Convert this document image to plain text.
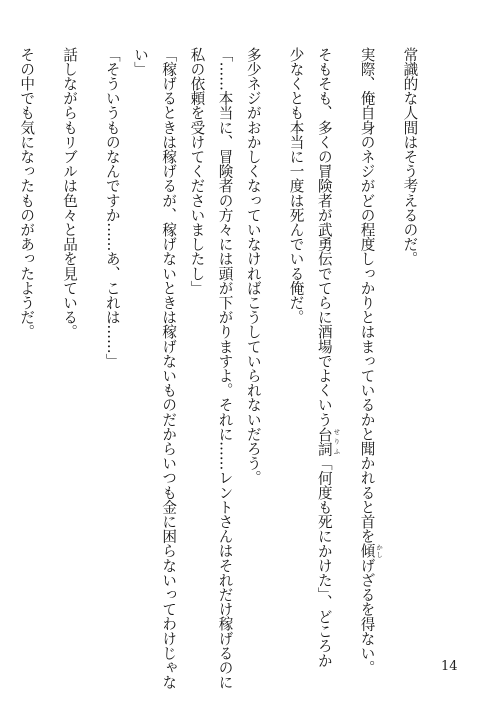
常識的な人間はそう考えるのだ。
実際、俺自身のネジがどの程度しっかりとはまっているかと聞かれると首を傾 かしげざるを得ない。
そもそも、多くの冒険者が武勇伝でてらに酒場でよくいう台詞 せりふ「何度も死にかけた」、どころか
少なくとも本当に一度は死んでいる俺だ。
多少ネジがおかしくなっていなければこうしていられないだろう。
「……本当に、冒険者の方々には頭が下がりますよ。それに……レントさんはそれだけ稼げるのに
私の依頼を受けてくださいましたし」
「稼げるときは稼げるが、稼げないときは稼げないものだからいつも金に困らないってわけじゃな
い」
「そういうものなんですか……あ、これは……」
話しながらもリブルは色々と品を見ている。
その中でも気になったものがあったようだ。
14
